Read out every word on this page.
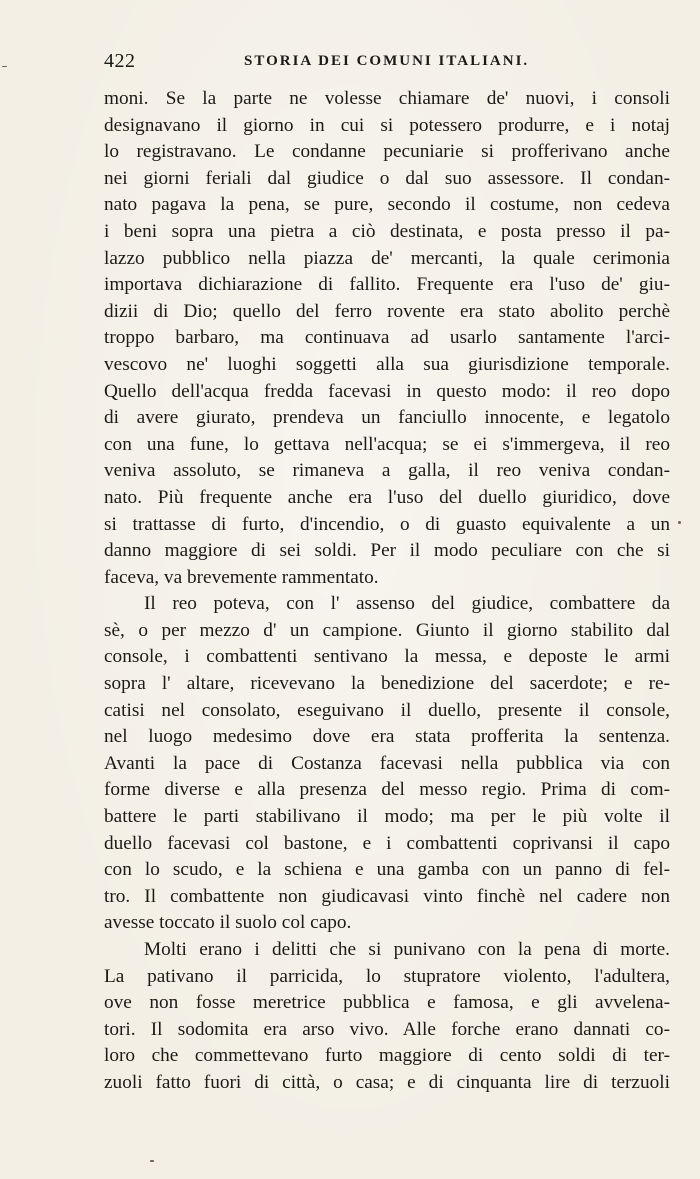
422	STORIA DEI COMUNI ITALIANI.
moni. Se la parte ne volesse chiamare de' nuovi, i consoli
designavano il giorno in cui si potessero produrre, e i notaj
lo registravano. Le condanne pecuniarie si profferivano anche
nei giorni feriali dal giudice o dal suo assessore. Il condan-
nato pagava la pena, se pure, secondo il costume, non cedeva
i beni sopra una pietra a ciò destinata, e posta presso il pa-
lazzo pubblico nella piazza de' mercanti, la quale cerimonia
importava dichiarazione di fallito. Frequente era l'uso de' giu-
dizii di Dio; quello del ferro rovente era stato abolito perchè
troppo barbaro, ma continuava ad usarlo santamente l'arci-
vescovo ne' luoghi soggetti alla sua giurisdizione temporale.
Quello dell'acqua fredda facevasi in questo modo: il reo dopo
di avere giurato, prendeva un fanciullo innocente, e legatolo
con una fune, lo gettava nell'acqua; se ei s'immergeva, il reo
veniva assoluto, se rimaneva a galla, il reo veniva condan-
nato. Più frequente anche era l'uso del duello giuridico, dove
si trattasse di furto, d'incendio, o di guasto equivalente a un
danno maggiore di sei soldi. Per il modo peculiare con che si
faceva, va brevemente rammentato.
Il reo poteva, con l' assenso del giudice, combattere da
sè, o per mezzo d' un campione. Giunto il giorno stabilito dal
console, i combattenti sentivano la messa, e deposte le armi
sopra l' altare, ricevevano la benedizione del sacerdote; e re-
catisi nel consolato, eseguivano il duello, presente il console,
nel luogo medesimo dove era stata profferita la sentenza.
Avanti la pace di Costanza facevasi nella pubblica via con
forme diverse e alla presenza del messo regio. Prima di com-
battere le parti stabilivano il modo; ma per le più volte il
duello facevasi col bastone, e i combattenti coprivansi il capo
con lo scudo, e la schiena e una gamba con un panno di fel-
tro. Il combattente non giudicavasi vinto finchè nel cadere non
avesse toccato il suolo col capo.
Molti erano i delitti che si punivano con la pena di morte.
La pativano il parricida, lo stupratore violento, l'adultera,
ove non fosse meretrice pubblica e famosa, e gli avvelena-
tori. Il sodomita era arso vivo. Alle forche erano dannati co-
loro che commettevano furto maggiore di cento soldi di ter-
zuoli fatto fuori di città, o casa; e di cinquanta lire di terzuoli
